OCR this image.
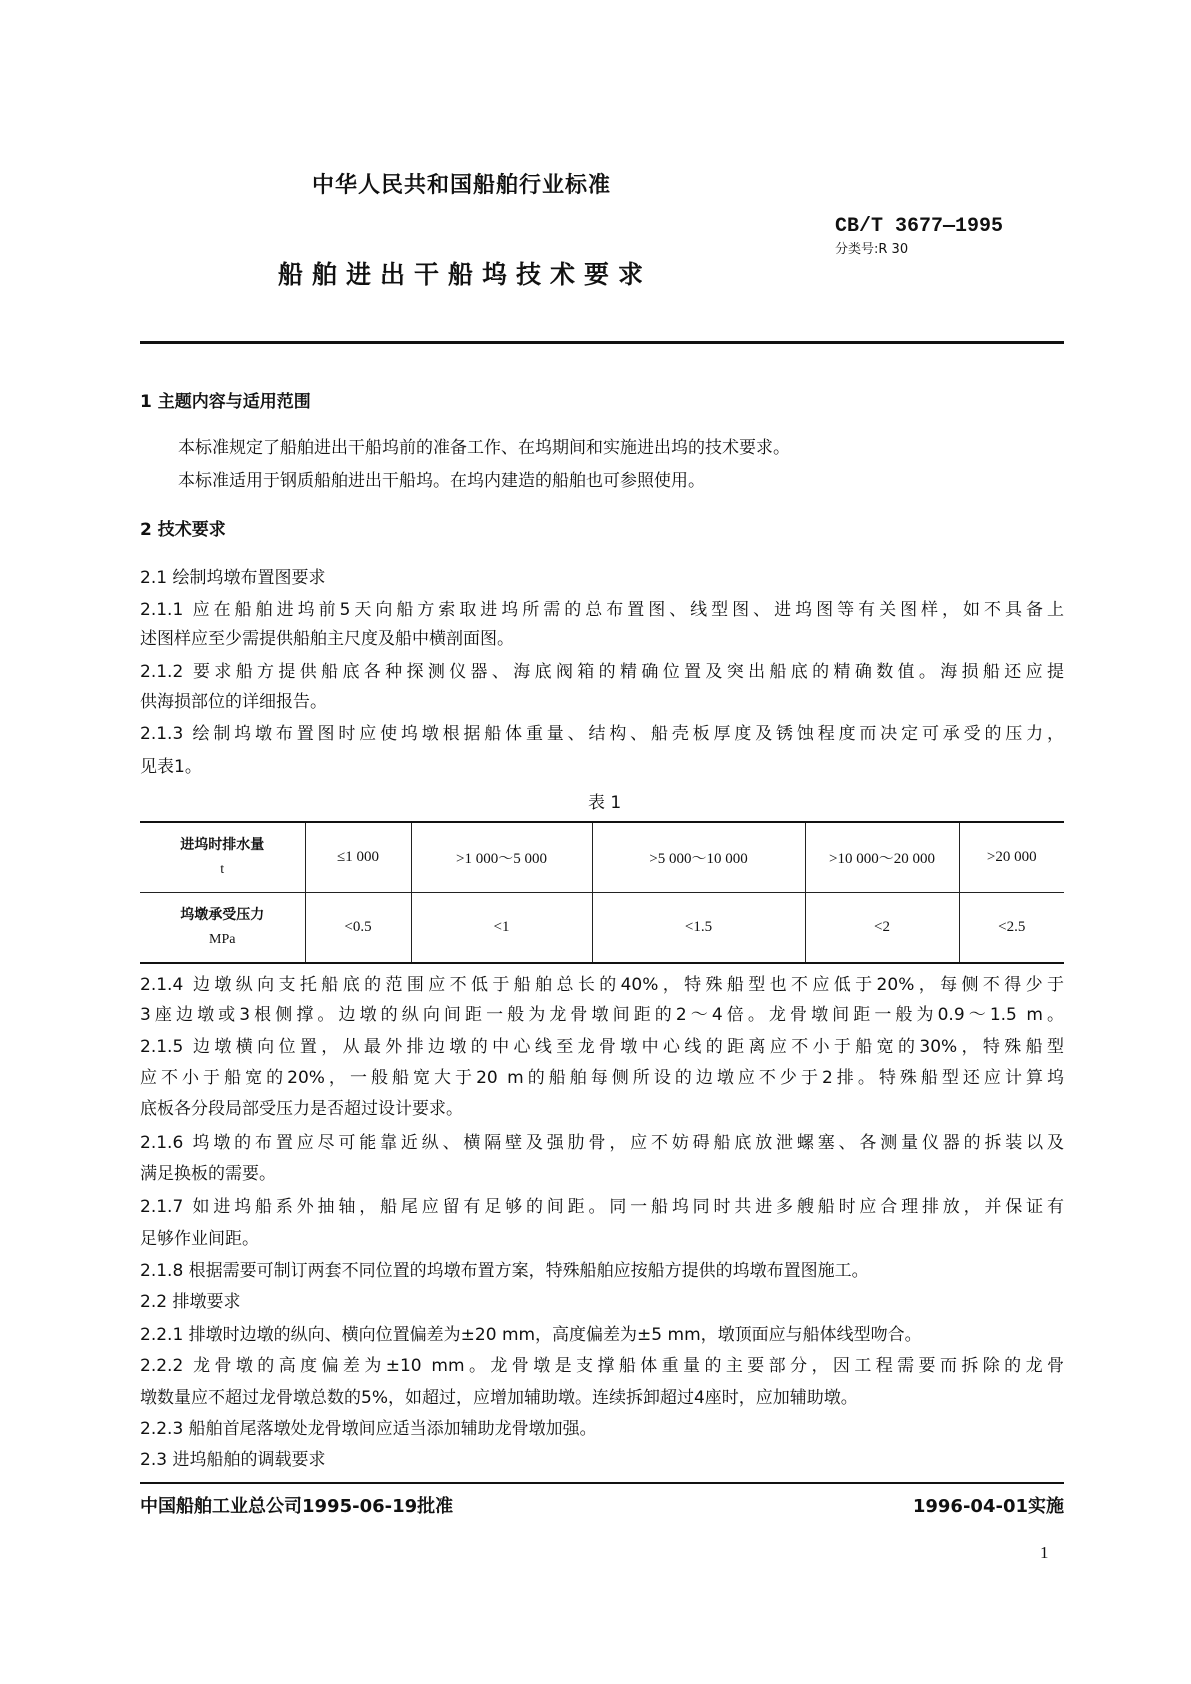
中华人民共和国船舶行业标准
CB/T 3677—1995
分类号:R 30
船舶进出干船坞技术要求
1 主题内容与适用范围
本标准规定了船舶进出干船坞前的准备工作、在坞期间和实施进出坞的技术要求。
本标准适用于钢质船舶进出干船坞。在坞内建造的船舶也可参照使用。
2 技术要求
2.1 绘制坞墩布置图要求
2.1.1 应在船舶进坞前5天向船方索取进坞所需的总布置图、线型图、进坞图等有关图样，如不具备上
述图样应至少需提供船舶主尺度及船中横剖面图。
2.1.2 要求船方提供船底各种探测仪器、海底阀箱的精确位置及突出船底的精确数值。海损船还应提
供海损部位的详细报告。
2.1.3 绘制坞墩布置图时应使坞墩根据船体重量、结构、船壳板厚度及锈蚀程度而决定可承受的压力，
见表1。
2.1.4 边墩纵向支托船底的范围应不低于船舶总长的40%，特殊船型也不应低于20%，每侧不得少于
3座边墩或3根侧撑。边墩的纵向间距一般为龙骨墩间距的2～4倍。龙骨墩间距一般为0.9～1.5 m。
2.1.5 边墩横向位置，从最外排边墩的中心线至龙骨墩中心线的距离应不小于船宽的30%，特殊船型
应不小于船宽的20%，一般船宽大于20 m的船舶每侧所设的边墩应不少于2排。特殊船型还应计算坞
底板各分段局部受压力是否超过设计要求。
2.1.6 坞墩的布置应尽可能靠近纵、横隔壁及强肋骨，应不妨碍船底放泄螺塞、各测量仪器的拆装以及
满足换板的需要。
2.1.7 如进坞船系外抽轴，船尾应留有足够的间距。同一船坞同时共进多艘船时应合理排放，并保证有
足够作业间距。
2.1.8 根据需要可制订两套不同位置的坞墩布置方案，特殊船舶应按船方提供的坞墩布置图施工。
2.2 排墩要求
2.2.1 排墩时边墩的纵向、横向位置偏差为±20 mm，高度偏差为±5 mm，墩顶面应与船体线型吻合。
2.2.2 龙骨墩的高度偏差为±10 mm。龙骨墩是支撑船体重量的主要部分，因工程需要而拆除的龙骨
墩数量应不超过龙骨墩总数的5%，如超过，应增加辅助墩。连续拆卸超过4座时，应加辅助墩。
2.2.3 船舶首尾落墩处龙骨墩间应适当添加辅助龙骨墩加强。
2.3 进坞船舶的调载要求
表 1
进坞时排水量
t	≤1 000	>1 000～5 000	>5 000～10 000	>10 000～20 000	>20 000

坞墩承受压力
MPa	<0.5	<1	<1.5	<2	<2.5
中国船舶工业总公司1995-06-19批准	1996-04-01实施
1
